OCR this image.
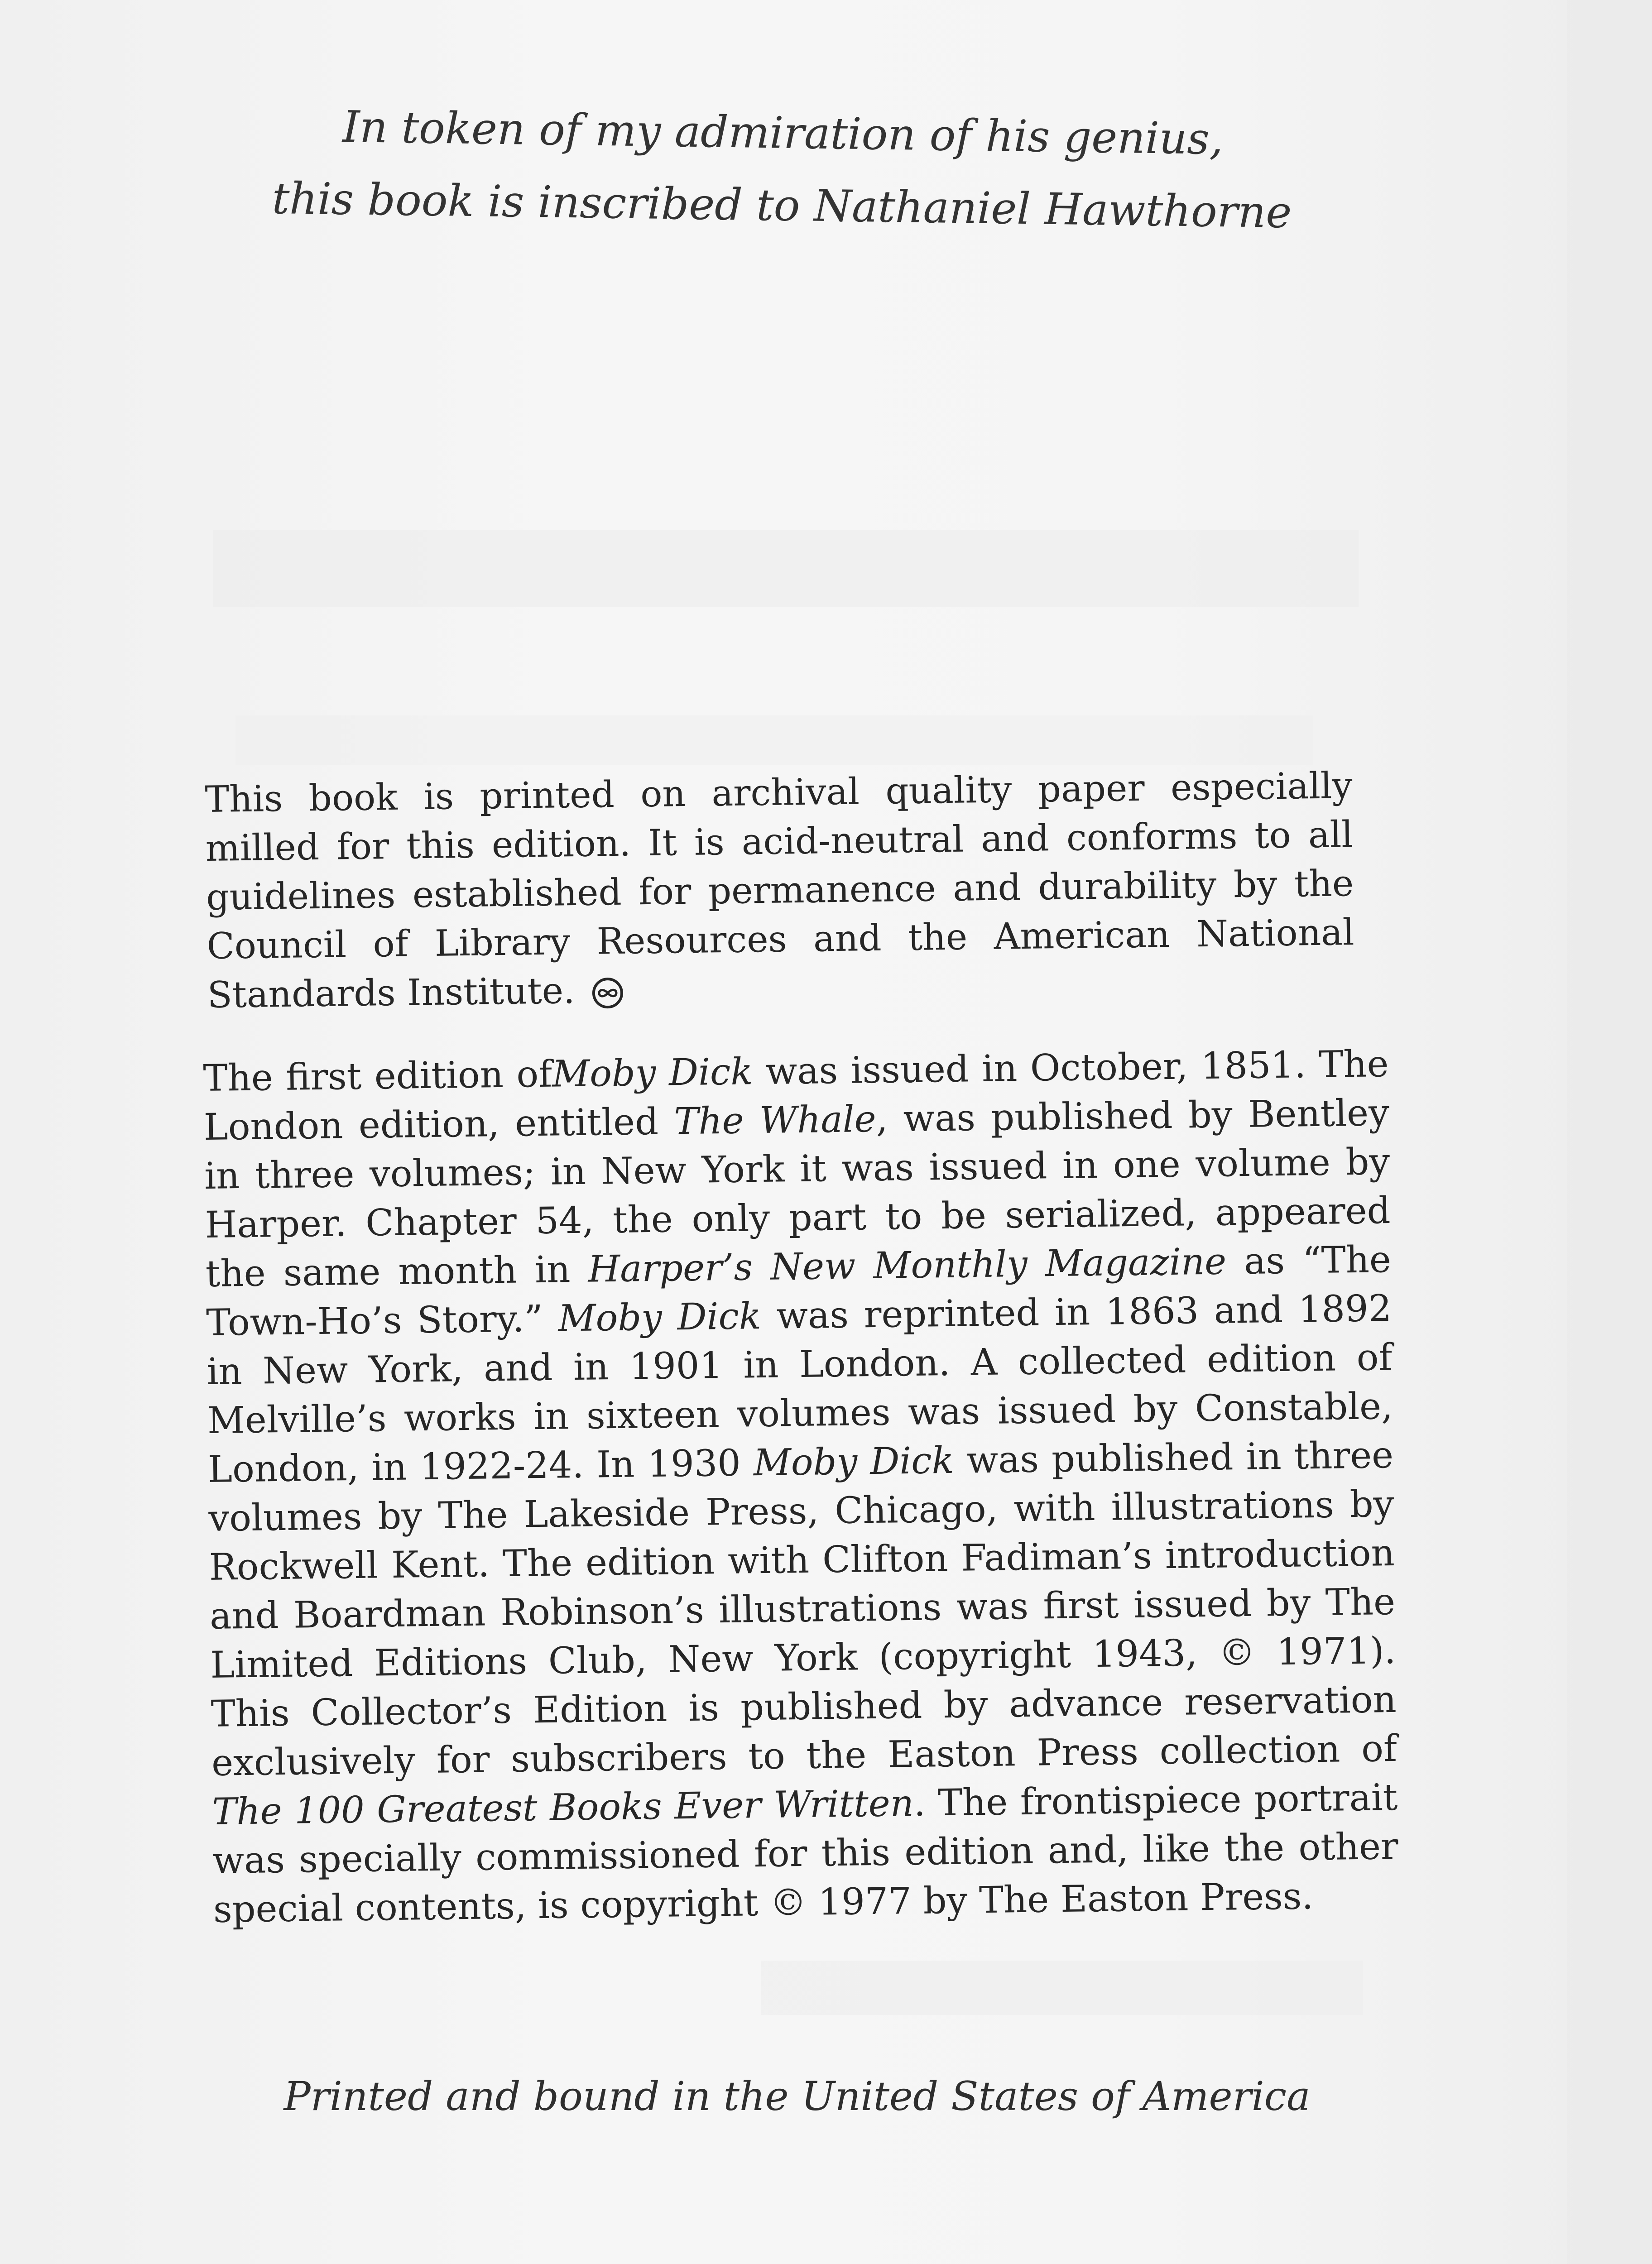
In token of my admiration of his genius,
this book is inscribed to Nathaniel Hawthorne
This book is printed on archival quality paper especially milled for this edition. It is acid-neutral and conforms to all guidelines established for permanence and durability by the Council of Library Resources and the American National Standards Institute.
The first edition ofMoby Dick was issued in October, 1851. The London edition, entitled The Whale, was published by Bentley in three volumes; in New York it was issued in one volume by Harper. Chapter 54, the only part to be serialized, appeared the same month in Harper’s New Monthly Magazine as “The Town-Ho’s Story.” Moby Dick was reprinted in 1863 and 1892 in New York, and in 1901 in London. A collected edition of Melville’s works in sixteen volumes was issued by Constable, London, in 1922-24. In 1930 Moby Dick was published in three volumes by The Lakeside Press, Chicago, with illustrations by Rockwell Kent. The edition with Clifton Fadiman’s introduction and Boardman Robinson’s illustrations was first issued by The Limited Editions Club, New York (copyright 1943, © 1971). This Collector’s Edition is published by advance reservation exclusively for subscribers to the Easton Press collection of The 100 Greatest Books Ever Written. The frontispiece portrait was specially commissioned for this edition and, like the other special contents, is copyright © 1977 by The Easton Press.
Printed and bound in the United States of America
